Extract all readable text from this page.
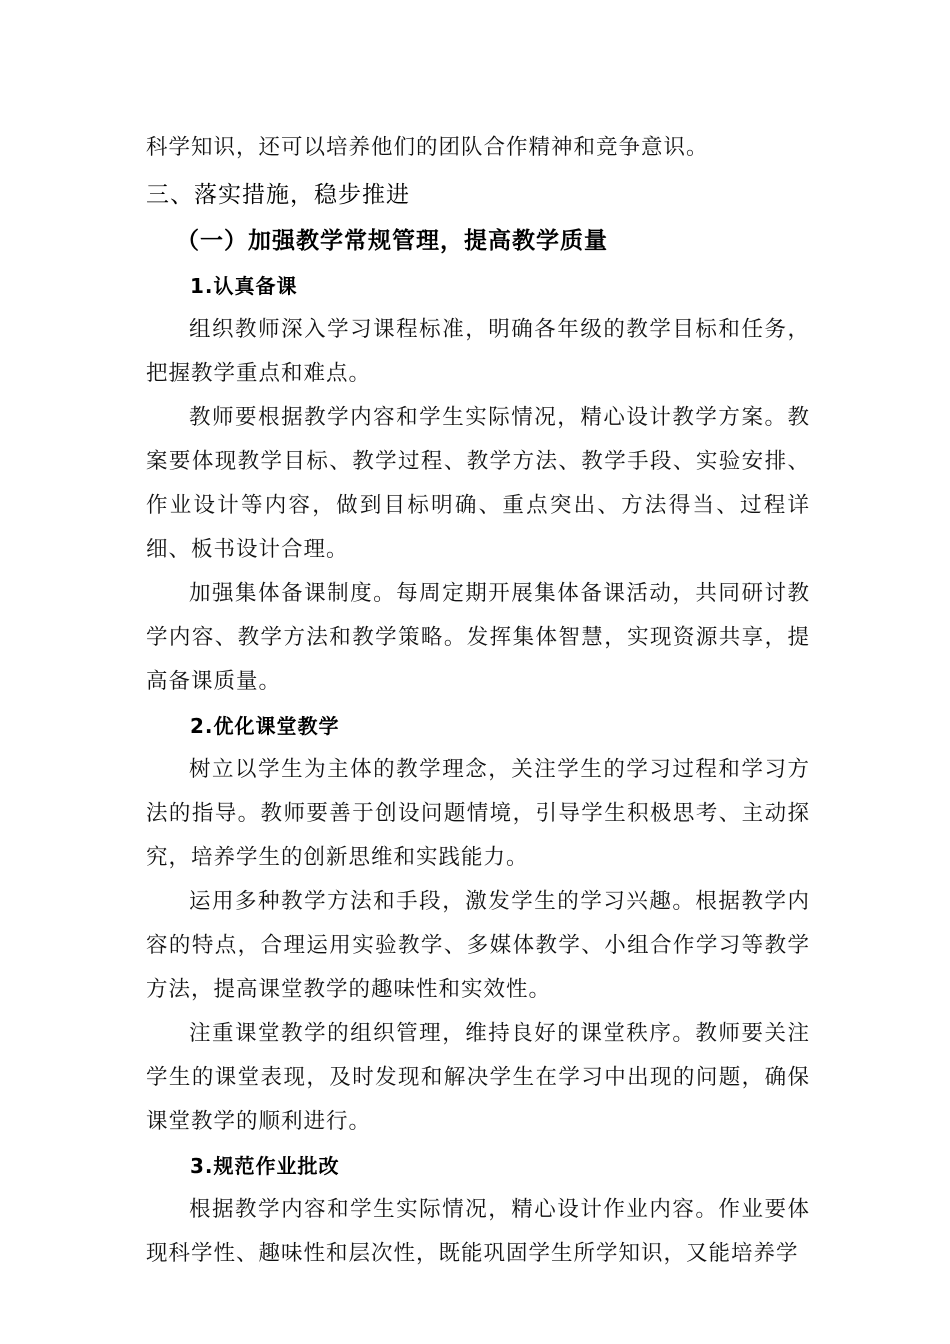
科学知识，还可以培养他们的团队合作精神和竞争意识。

三、落实措施，稳步推进

（一）加强教学常规管理，提高教学质量

1.认真备课

组织教师深入学习课程标准，明确各年级的教学目标和任务，把握教学重点和难点。

教师要根据教学内容和学生实际情况，精心设计教学方案。教案要体现教学目标、教学过程、教学方法、教学手段、实验安排、作业设计等内容，做到目标明确、重点突出、方法得当、过程详细、板书设计合理。

加强集体备课制度。每周定期开展集体备课活动，共同研讨教学内容、教学方法和教学策略。发挥集体智慧，实现资源共享，提高备课质量。

2.优化课堂教学

树立以学生为主体的教学理念，关注学生的学习过程和学习方法的指导。教师要善于创设问题情境，引导学生积极思考、主动探究，培养学生的创新思维和实践能力。

运用多种教学方法和手段，激发学生的学习兴趣。根据教学内容的特点，合理运用实验教学、多媒体教学、小组合作学习等教学方法，提高课堂教学的趣味性和实效性。

注重课堂教学的组织管理，维持良好的课堂秩序。教师要关注学生的课堂表现，及时发现和解决学生在学习中出现的问题，确保课堂教学的顺利进行。

3.规范作业批改

根据教学内容和学生实际情况，精心设计作业内容。作业要体现科学性、趣味性和层次性，既能巩固学生所学知识，又能培养学
